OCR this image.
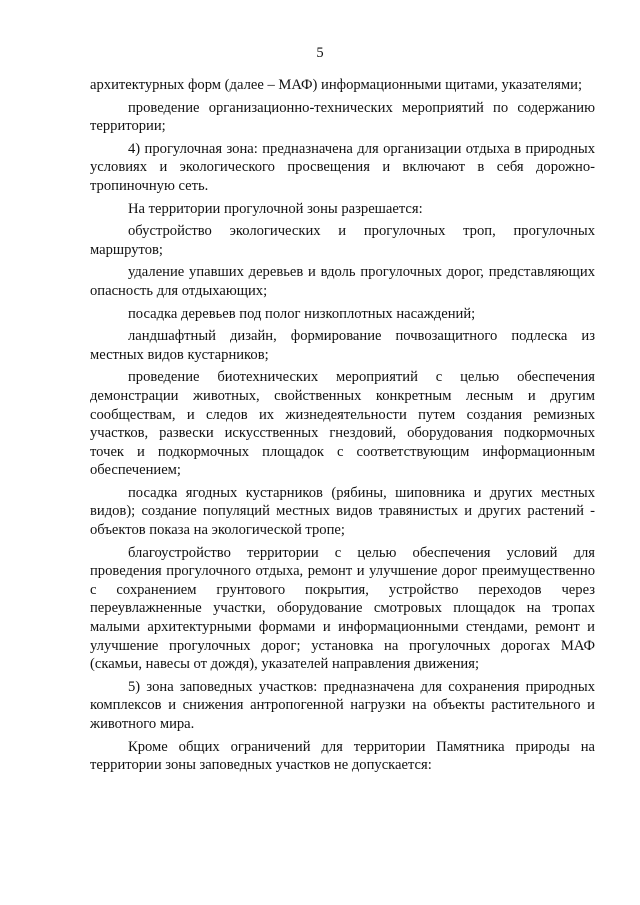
5

архитектурных форм (далее – МАФ) информационными щитами, указателями;

проведение организационно-технических мероприятий по содержанию территории;

4) прогулочная зона: предназначена для организации отдыха в природных условиях и экологического просвещения и включают в себя дорожно-тропиночную сеть.

На территории прогулочной зоны разрешается:

обустройство экологических и прогулочных троп, прогулочных маршрутов;

удаление упавших деревьев и вдоль прогулочных дорог, представляющих опасность для отдыхающих;

посадка деревьев под полог низкоплотных насаждений;

ландшафтный дизайн, формирование почвозащитного подлеска из местных видов кустарников;

проведение биотехнических мероприятий с целью обеспечения демонстрации животных, свойственных конкретным лесным и другим сообществам, и следов их жизнедеятельности путем создания ремизных участков, развески искусственных гнездовий, оборудования подкормочных точек и подкормочных площадок с соответствующим информационным обеспечением;

посадка ягодных кустарников (рябины, шиповника и других местных видов); создание популяций местных видов травянистых и других растений - объектов показа на экологической тропе;

благоустройство территории с целью обеспечения условий для проведения прогулочного отдыха, ремонт и улучшение дорог преимущественно с сохранением грунтового покрытия, устройство переходов через переувлажненные участки, оборудование смотровых площадок на тропах малыми архитектурными формами и информационными стендами, ремонт и улучшение прогулочных дорог; установка на прогулочных дорогах МАФ (скамьи, навесы от дождя), указателей направления движения;

5) зона заповедных участков: предназначена для сохранения природных комплексов и снижения антропогенной нагрузки на объекты растительного и животного мира.

Кроме общих ограничений для территории Памятника природы на территории зоны заповедных участков не допускается:
